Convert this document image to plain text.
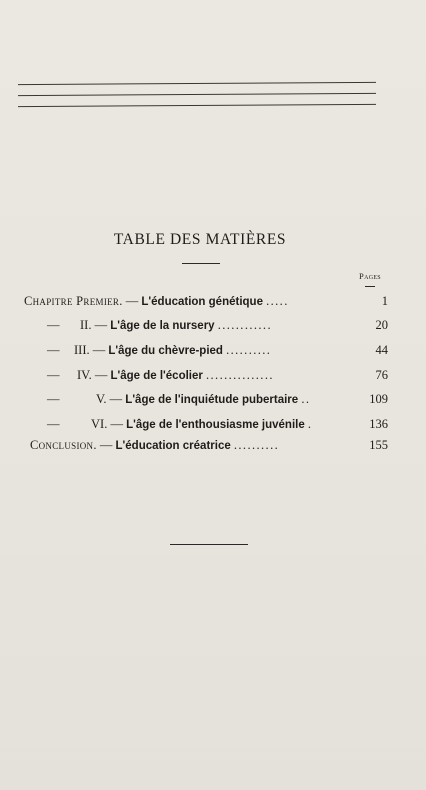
TABLE DES MATIÈRES
Pages
Chapitre Premier. — L'éducation génétique .....	1
— II. — L'âge de la nursery ............	20
— III. — L'âge du chèvre-pied ..........	44
— IV. — L'âge de l'écolier ...............	76
—	V. — L'âge de l'inquiétude pubertaire ..	109
—	VI. — L'âge de l'enthousiasme juvénile .	136
Conclusion. — L'éducation créatrice ..........	155
